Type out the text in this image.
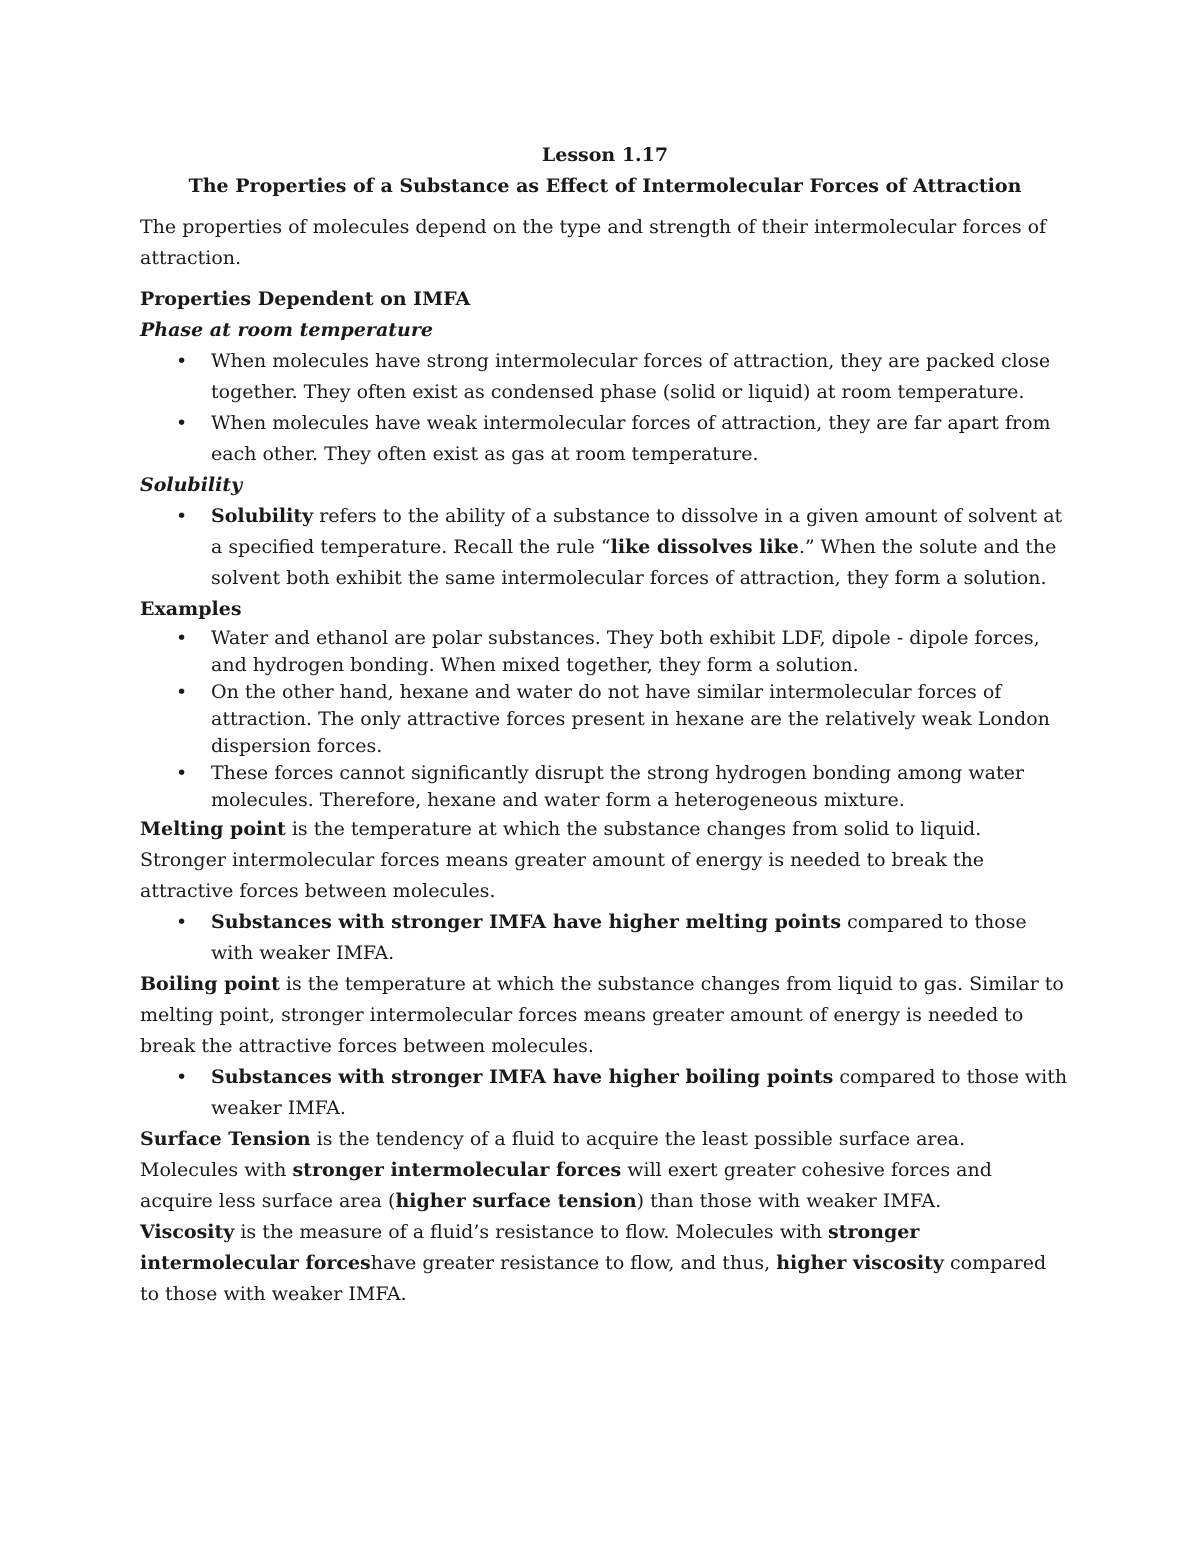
Lesson 1.17

The Properties of a Substance as Effect of Intermolecular Forces of Attraction

The properties of molecules depend on the type and strength of their intermolecular forces of attraction.

Properties Dependent on IMFA

Phase at room temperature

• When molecules have strong intermolecular forces of attraction, they are packed close together. They often exist as condensed phase (solid or liquid) at room temperature.
• When molecules have weak intermolecular forces of attraction, they are far apart from each other. They often exist as gas at room temperature.

Solubility

• Solubility refers to the ability of a substance to dissolve in a given amount of solvent at a specified temperature. Recall the rule “like dissolves like.” When the solute and the solvent both exhibit the same intermolecular forces of attraction, they form a solution.

Examples

• Water and ethanol are polar substances. They both exhibit LDF, dipole - dipole forces, and hydrogen bonding. When mixed together, they form a solution.
• On the other hand, hexane and water do not have similar intermolecular forces of attraction. The only attractive forces present in hexane are the relatively weak London dispersion forces.
• These forces cannot significantly disrupt the strong hydrogen bonding among water molecules. Therefore, hexane and water form a heterogeneous mixture.

Melting point is the temperature at which the substance changes from solid to liquid. Stronger intermolecular forces means greater amount of energy is needed to break the attractive forces between molecules.

• Substances with stronger IMFA have higher melting points compared to those with weaker IMFA.

Boiling point is the temperature at which the substance changes from liquid to gas. Similar to melting point, stronger intermolecular forces means greater amount of energy is needed to break the attractive forces between molecules.

• Substances with stronger IMFA have higher boiling points compared to those with weaker IMFA.

Surface Tension is the tendency of a fluid to acquire the least possible surface area.

Molecules with stronger intermolecular forces will exert greater cohesive forces and acquire less surface area (higher surface tension) than those with weaker IMFA.

Viscosity is the measure of a fluid’s resistance to flow. Molecules with stronger intermolecular forceshave greater resistance to flow, and thus, higher viscosity compared to those with weaker IMFA.
